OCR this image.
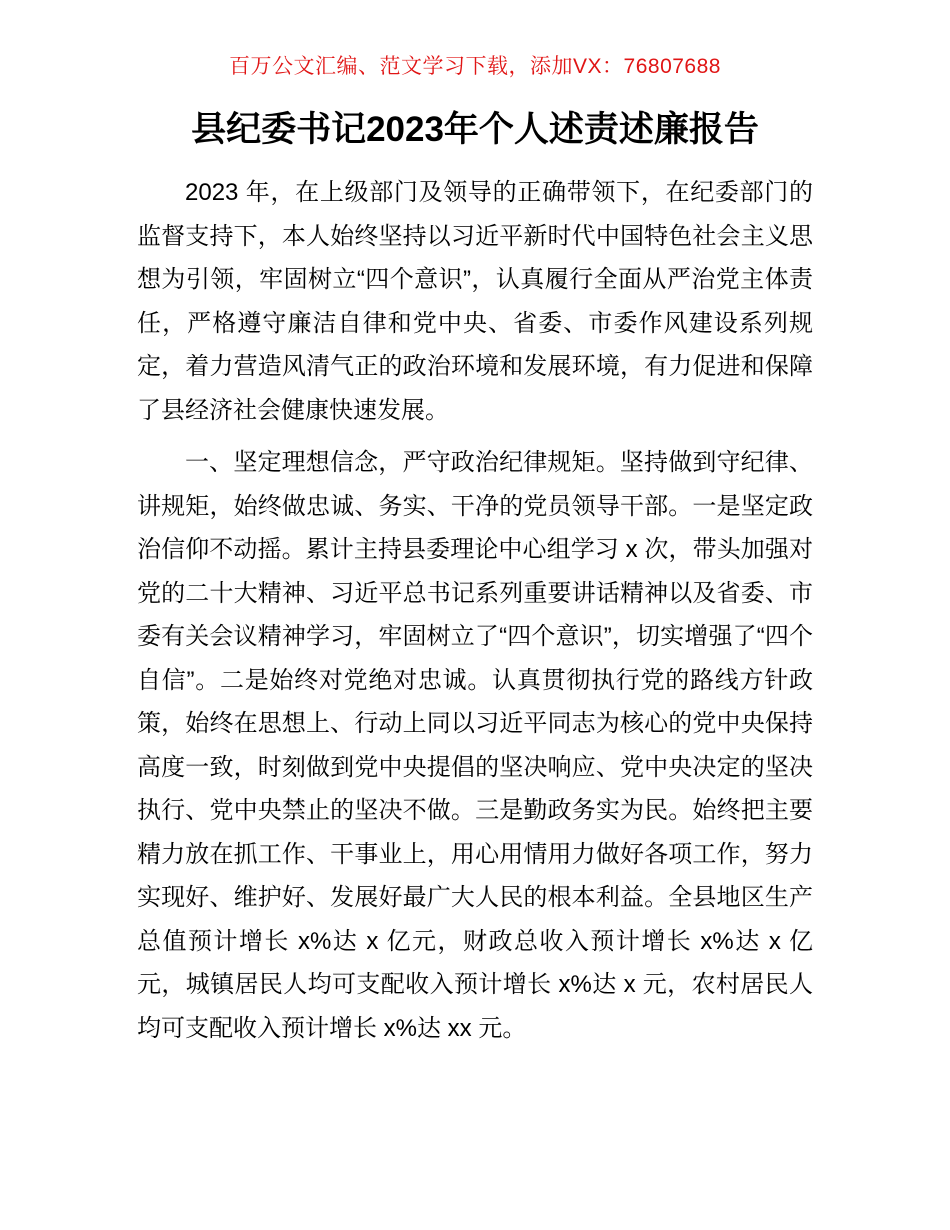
百万公文汇编、范文学习下载，添加VX：76807688
县纪委书记2023年个人述责述廉报告

2023 年，在上级部门及领导的正确带领下，在纪委部门的监督支持下，本人始终坚持以习近平新时代中国特色社会主义思想为引领，牢固树立“四个意识”，认真履行全面从严治党主体责任，严格遵守廉洁自律和党中央、省委、市委作风建设系列规定，着力营造风清气正的政治环境和发展环境，有力促进和保障了县经济社会健康快速发展。

一、坚定理想信念，严守政治纪律规矩。坚持做到守纪律、讲规矩，始终做忠诚、务实、干净的党员领导干部。一是坚定政治信仰不动摇。累计主持县委理论中心组学习 x 次，带头加强对党的二十大精神、习近平总书记系列重要讲话精神以及省委、市委有关会议精神学习，牢固树立了“四个意识”，切实增强了“四个自信”。二是始终对党绝对忠诚。认真贯彻执行党的路线方针政策，始终在思想上、行动上同以习近平同志为核心的党中央保持高度一致，时刻做到党中央提倡的坚决响应、党中央决定的坚决执行、党中央禁止的坚决不做。三是勤政务实为民。始终把主要精力放在抓工作、干事业上，用心用情用力做好各项工作，努力实现好、维护好、发展好最广大人民的根本利益。全县地区生产总值预计增长 x%达 x 亿元，财政总收入预计增长 x%达 x 亿元，城镇居民人均可支配收入预计增长 x%达 x 元，农村居民人均可支配收入预计增长 x%达 xx 元。
